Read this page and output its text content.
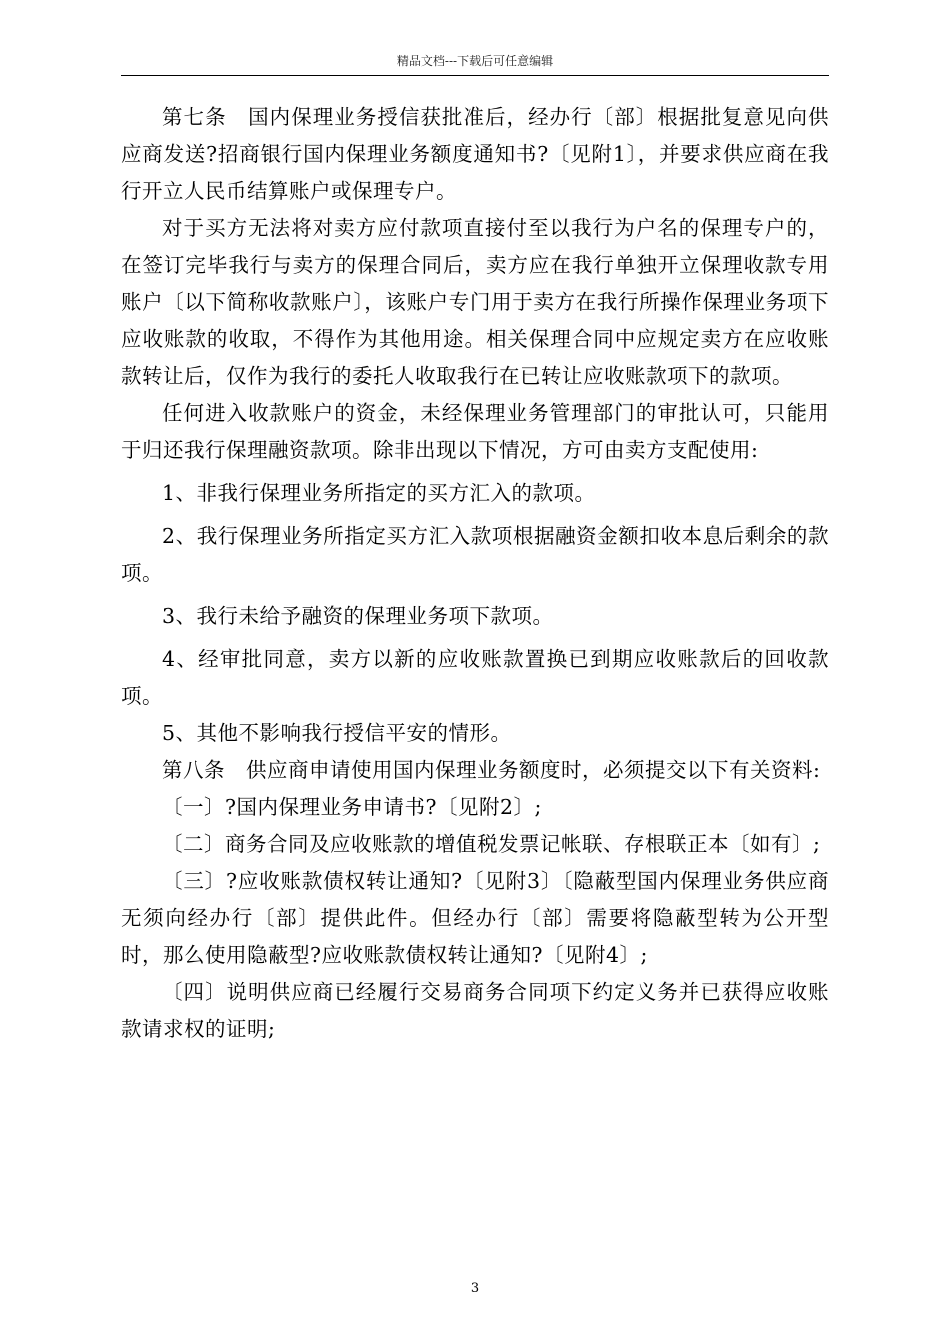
精品文档---下载后可任意编辑

第七条　国内保理业务授信获批准后，经办行〔部〕根据批复意见向供应商发送?招商银行国内保理业务额度通知书?〔见附1〕，并要求供应商在我行开立人民币结算账户或保理专户。

对于买方无法将对卖方应付款项直接付至以我行为户名的保理专户的，在签订完毕我行与卖方的保理合同后，卖方应在我行单独开立保理收款专用账户〔以下简称收款账户〕，该账户专门用于卖方在我行所操作保理业务项下应收账款的收取，不得作为其他用途。相关保理合同中应规定卖方在应收账款转让后，仅作为我行的委托人收取我行在已转让应收账款项下的款项。

任何进入收款账户的资金，未经保理业务管理部门的审批认可，只能用于归还我行保理融资款项。除非出现以下情况，方可由卖方支配使用:

1、非我行保理业务所指定的买方汇入的款项。

2、我行保理业务所指定买方汇入款项根据融资金额扣收本息后剩余的款项。

3、我行未给予融资的保理业务项下款项。

4、经审批同意，卖方以新的应收账款置换已到期应收账款后的回收款项。

5、其他不影响我行授信平安的情形。

第八条　供应商申请使用国内保理业务额度时，必须提交以下有关资料:

〔一〕?国内保理业务申请书?〔见附2〕;

〔二〕商务合同及应收账款的增值税发票记帐联、存根联正本〔如有〕;

〔三〕?应收账款债权转让通知?〔见附3〕〔隐蔽型国内保理业务供应商无须向经办行〔部〕提供此件。但经办行〔部〕需要将隐蔽型转为公开型时，那么使用隐蔽型?应收账款债权转让通知?〔见附4〕;

〔四〕说明供应商已经履行交易商务合同项下约定义务并已获得应收账款请求权的证明;

3
